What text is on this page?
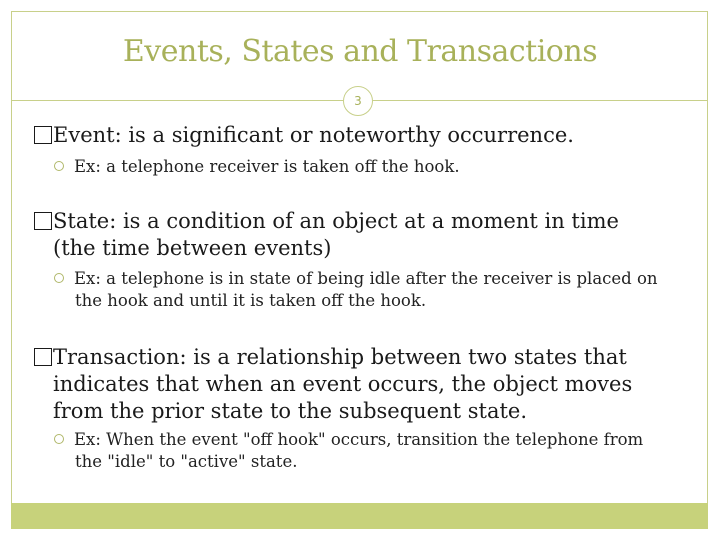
Events, States and Transactions
3
Event: is a significant or noteworthy occurrence.
Ex: a telephone receiver is taken off the hook.
State: is a condition of an object at a moment in time
(the time between events)
Ex: a telephone is in state of being idle after the receiver is placed on
the hook and until it is taken off the hook.
Transaction: is a relationship between two states that
indicates that when an event occurs, the object moves
from the prior state to the subsequent state.
Ex: When the event "off hook" occurs, transition the telephone from
the "idle" to "active" state.
